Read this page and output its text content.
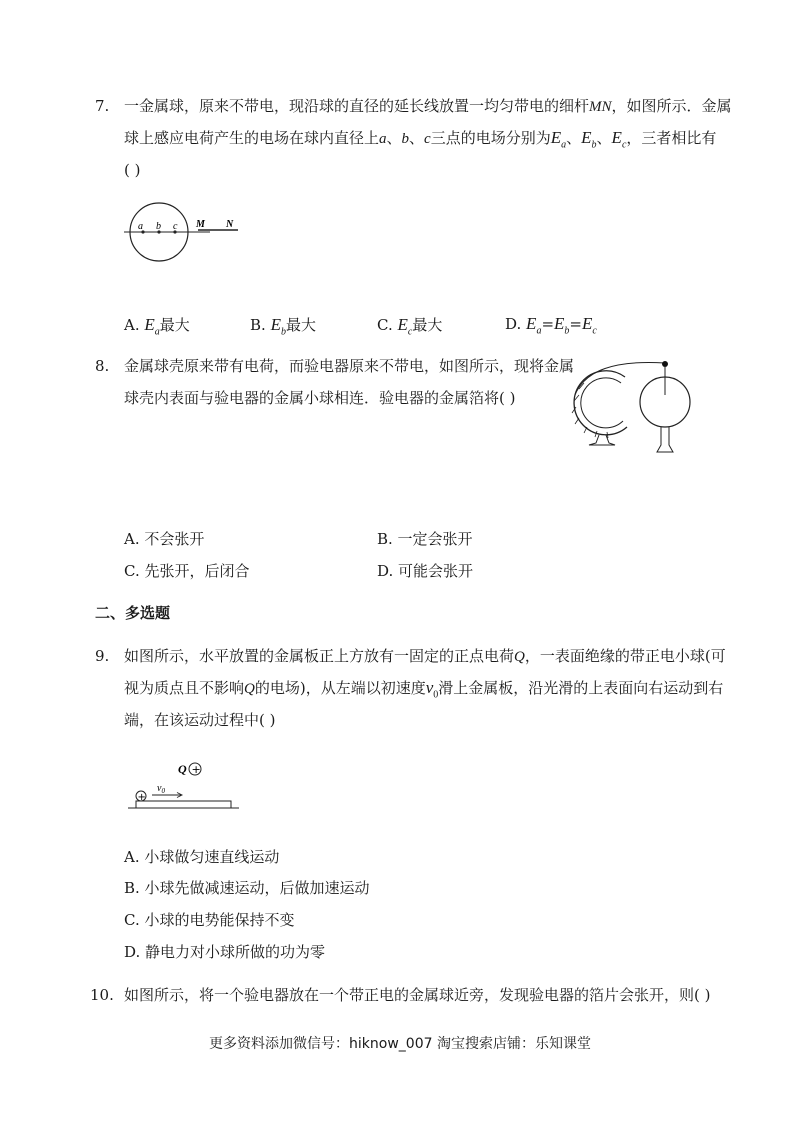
7. 一金属球，原来不带电，现沿球的直径的延长线放置一均匀带电的细杆MN，如图所示．金属
球上感应电荷产生的电场在球内直径上a、b、c三点的电场分别为$E_a$、$E_b$、$E_c$，三者相比有
( )
a b c M N
A. $E_a$最大	B. $E_b$最大	C. $E_c$最大	D. $E_a=E_b=E_c$
8. 金属球壳原来带有电荷，而验电器原来不带电，如图所示，现将金属
球壳内表面与验电器的金属小球相连．验电器的金属箔将( )
A. 不会张开	B. 一定会张开
C. 先张开，后闭合	D. 可能会张开
二、多选题
9. 如图所示，水平放置的金属板正上方放有一固定的正点电荷Q，一表面绝缘的带正电小球(可
视为质点且不影响Q的电场)，从左端以初速度$v_0$滑上金属板，沿光滑的上表面向右运动到右
端，在该运动过程中( )
Q +
$v_0$
+
A. 小球做匀速直线运动
B. 小球先做减速运动，后做加速运动
C. 小球的电势能保持不变
D. 静电力对小球所做的功为零
10. 如图所示，将一个验电器放在一个带正电的金属球近旁，发现验电器的箔片会张开，则( )
更多资料添加微信号：hiknow_007 淘宝搜索店铺：乐知课堂
